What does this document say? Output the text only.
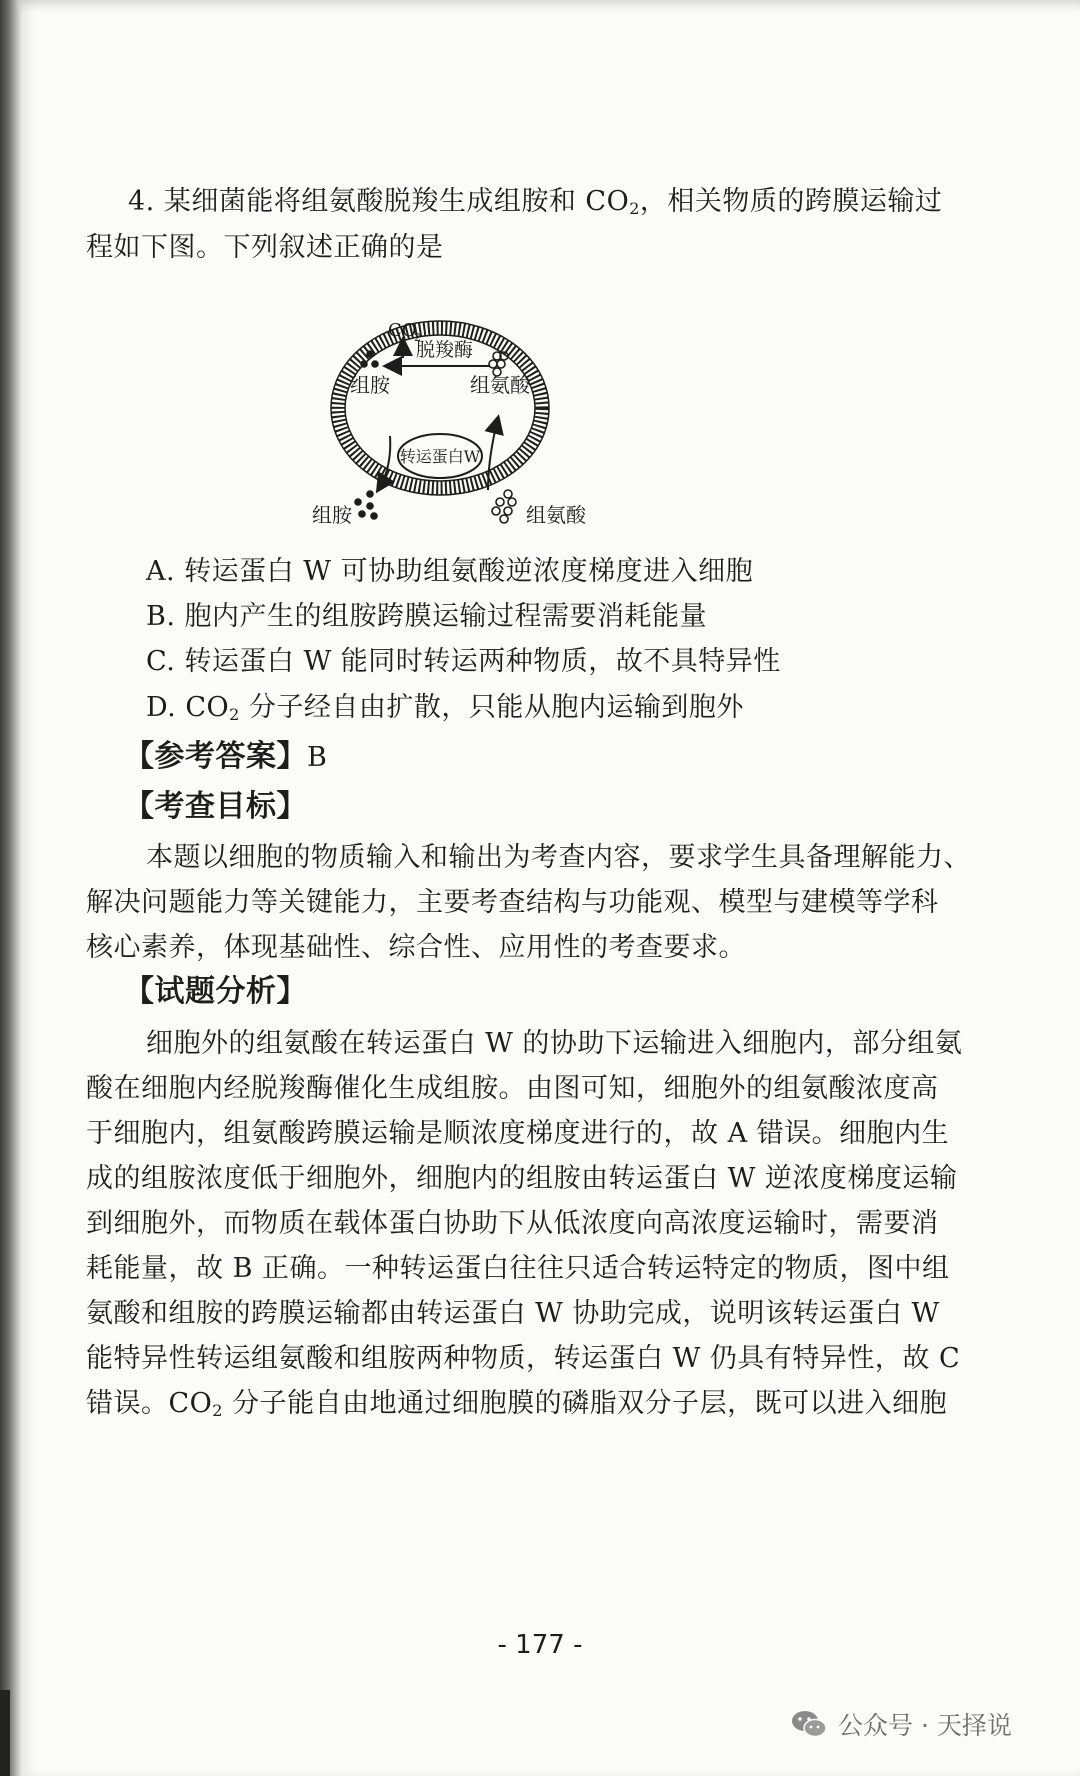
4. 某细菌能将组氨酸脱羧生成组胺和 $CO_2$，相关物质的跨膜运输过
程如下图。下列叙述正确的是
转运蛋白W
CO
2
脱羧酶
组胺	组氨酸
组胺	组氨酸
A. 转运蛋白 W 可协助组氨酸逆浓度梯度进入细胞
B. 胞内产生的组胺跨膜运输过程需要消耗能量
C. 转运蛋白 W 能同时转运两种物质，故不具特异性
D. $CO_2$ 分子经自由扩散，只能从胞内运输到胞外
【参考答案】B
【考查目标】
本题以细胞的物质输入和输出为考查内容，要求学生具备理解能力、
解决问题能力等关键能力，主要考查结构与功能观、模型与建模等学科
核心素养，体现基础性、综合性、应用性的考查要求。
【试题分析】
细胞外的组氨酸在转运蛋白 W 的协助下运输进入细胞内，部分组氨
酸在细胞内经脱羧酶催化生成组胺。由图可知，细胞外的组氨酸浓度高
于细胞内，组氨酸跨膜运输是顺浓度梯度进行的，故 A 错误。细胞内生
成的组胺浓度低于细胞外，细胞内的组胺由转运蛋白 W 逆浓度梯度运输
到细胞外，而物质在载体蛋白协助下从低浓度向高浓度运输时，需要消
耗能量，故 B 正确。一种转运蛋白往往只适合转运特定的物质，图中组
氨酸和组胺的跨膜运输都由转运蛋白 W 协助完成，说明该转运蛋白 W
能特异性转运组氨酸和组胺两种物质，转运蛋白 W 仍具有特异性，故 C
错误。$CO_2$ 分子能自由地通过细胞膜的磷脂双分子层，既可以进入细胞
- 177 -
公众号 · 天择说
